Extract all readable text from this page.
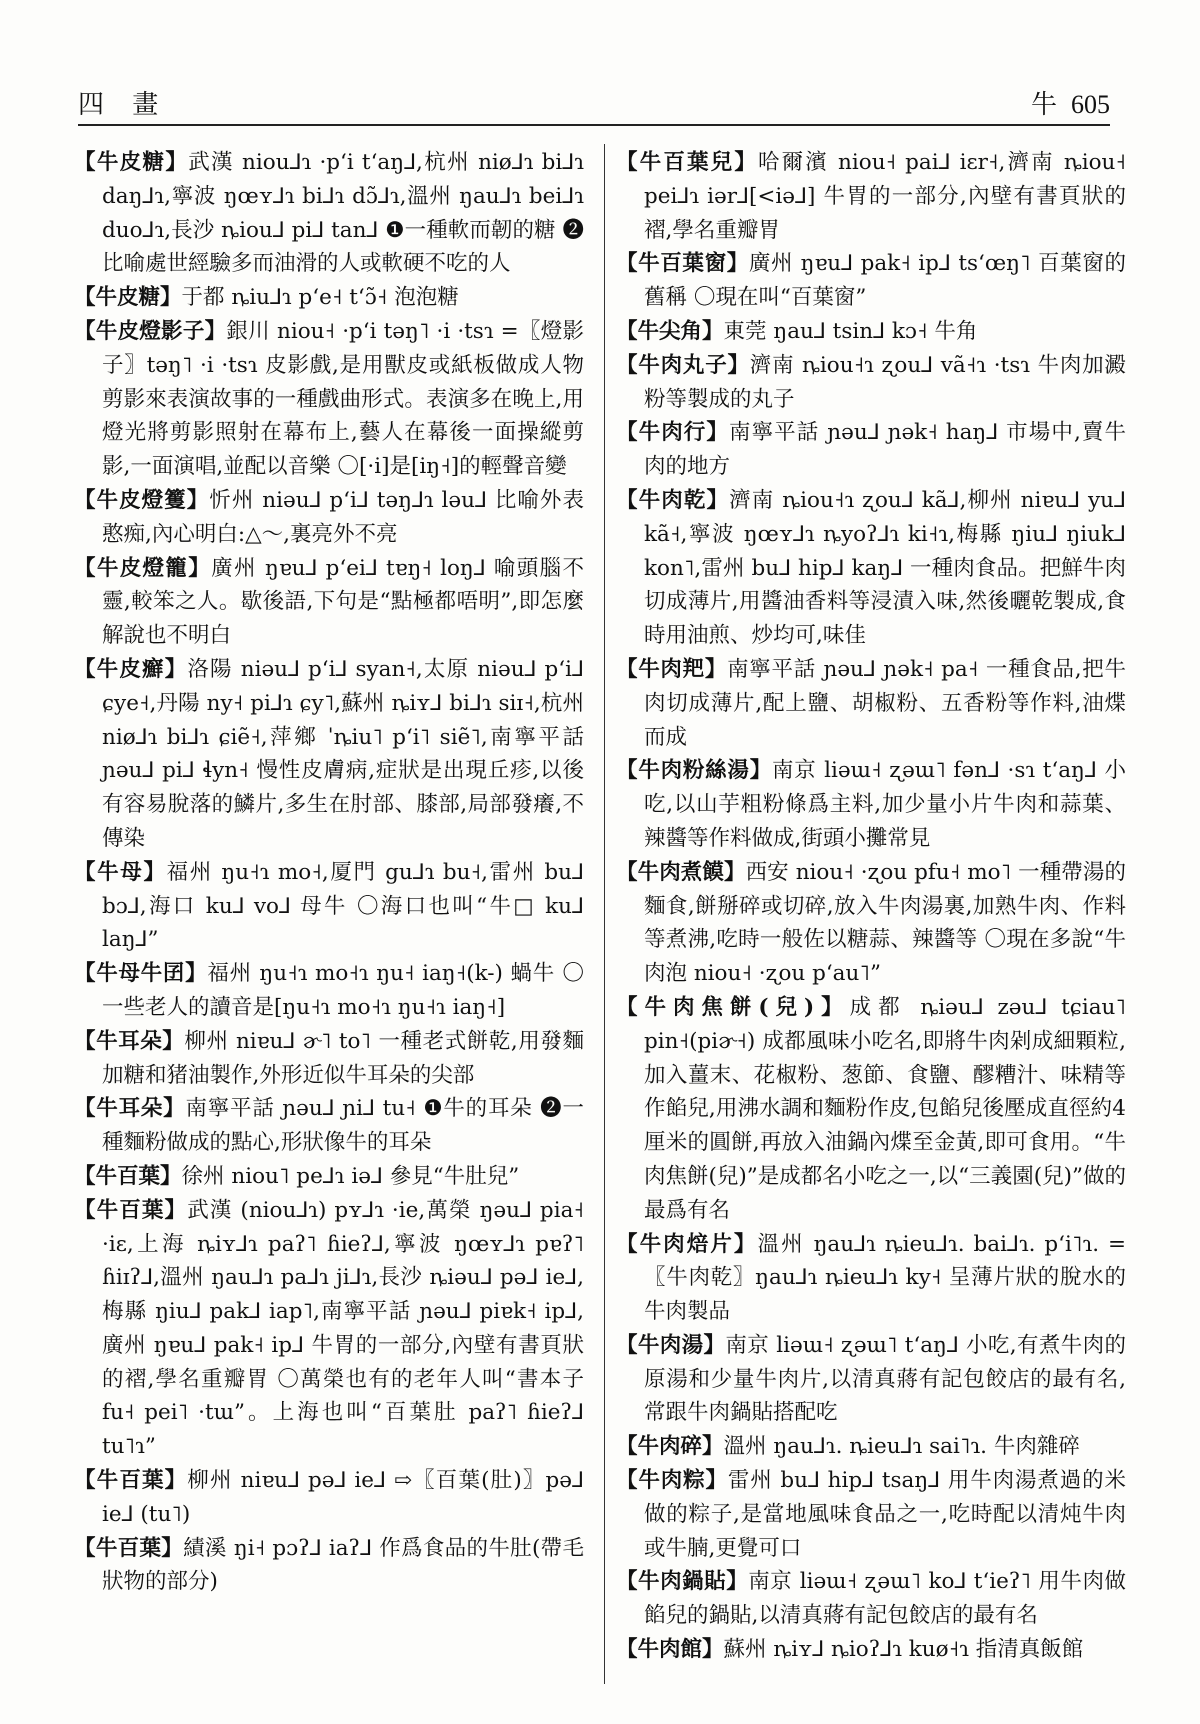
四 畫	牛 605
【牛皮糖】武漢 niou⅃ɿ ·pʻi tʻaŋ⅃,杭州 niø⅃ɿ bi⅃ɿ daŋ⅃ɿ,寧波 ŋœʏ⅃ɿ bi⅃ɿ dɔ̃⅃ɿ,溫州 ŋau⅃ɿ bei⅃ɿ duo⅃ɿ,長沙 ȵiou⅃ pi⅃ tan⅃ ❶一種軟而韌的糖 ❷比喻處世經驗多而油滑的人或軟硬不吃的人
【牛皮糖】于都 ȵiu⅃ɿ pʻe˧ tʻɔ̃˧ 泡泡糖
【牛皮燈影子】銀川 niou˧ ·pʻi təŋ˥ ·i ·tsɿ =〖燈影子〗təŋ˥ ·i ·tsɿ 皮影戲,是用獸皮或紙板做成人物剪影來表演故事的一種戲曲形式。表演多在晚上,用燈光將剪影照射在幕布上,藝人在幕後一面操縱剪影,一面演唱,並配以音樂 〇[·i]是[iŋ˧]的輕聲音變
【牛皮燈籆】忻州 niəu⅃ pʻi⅃ təŋ⅃ɿ ləu⅃ 比喻外表憨痴,內心明白:△～,裏亮外不亮
【牛皮燈籠】廣州 ŋɐu⅃ pʻei⅃ tɐŋ˧ loŋ⅃ 喻頭腦不靈,較笨之人。歇後語,下句是“點極都唔明”,即怎麼解說也不明白
【牛皮癬】洛陽 niəu⅃ pʻi⅃ syan˧,太原 niəu⅃ pʻi⅃ ɕye˧,丹陽 ny˧ pi⅃ɿ ɕy˥,蘇州 ȵiʏ⅃ bi⅃ɿ siɪ˧,杭州 niø⅃ɿ bi⅃ɿ ɕiẽ˧,萍鄉 ˈȵiu˥ pʻi˥ siẽ˥,南寧平話 ɲəu⅃ pi⅃ ɬyn˧ 慢性皮膚病,症狀是出現丘疹,以後有容易脫落的鱗片,多生在肘部、膝部,局部發癢,不傳染
【牛母】福州 ŋu˧ɿ mo˧,厦門 gu⅃ɿ bu˧,雷州 bu⅃ bɔ⅃,海口 ku⅃ vo⅃ 母牛 〇海口也叫“牛□ ku⅃ laŋ⅃”
【牛母牛囝】福州 ŋu˧ɿ mo˧ɿ ŋu˧ iaŋ˧(k-) 蝸牛 〇一些老人的讀音是[ŋu˧ɿ mo˧ɿ ŋu˧ɿ iaŋ˧]
【牛耳朵】柳州 niɐu⅃ ɚ˥ to˥ 一種老式餅乾,用發麵加糖和猪油製作,外形近似牛耳朵的尖部
【牛耳朵】南寧平話 ɲəu⅃ ɲi⅃ tu˧ ❶牛的耳朵 ❷一種麵粉做成的點心,形狀像牛的耳朵
【牛百葉】徐州 niou˥ pe⅃ɿ iə⅃ 參見“牛肚兒”
【牛百葉】武漢 (niou⅃ɿ) pʏ⅃ɿ ·ie,萬榮 ŋəu⅃ pia˧ ·iɛ,上海 ȵiʏ⅃ɿ paʔ˥ ɦieʔ⅃,寧波 ŋœʏ⅃ɿ pɐʔ˥ ɦiɪʔ⅃,溫州 ŋau⅃ɿ pa⅃ɿ ji⅃ɿ,長沙 ȵiəu⅃ pə⅃ ie⅃,梅縣 ŋiu⅃ pak⅃ iap˥,南寧平話 ɲəu⅃ piɐk˧ ip⅃,廣州 ŋɐu⅃ pak˧ ip⅃ 牛胃的一部分,內壁有書頁狀的褶,學名重瓣胃 〇萬榮也有的老年人叫“書本子 fu˧ pei˥ ·tɯ”。上海也叫“百葉肚 paʔ˥ ɦieʔ⅃ tu˥ɿ”
【牛百葉】柳州 niɐu⅃ pə⅃ ie⅃ ⇨〖百葉(肚)〗pə⅃ ie⅃ (tu˥)
【牛百葉】績溪 ŋi˧ pɔʔ⅃ iaʔ⅃ 作爲食品的牛肚(帶毛狀物的部分)
【牛百葉兒】哈爾濱 niou˧ pai⅃ iɛr˧,濟南 ȵiou˧ pei⅃ɿ iər⅃[<iə⅃] 牛胃的一部分,內壁有書頁狀的褶,學名重瓣胃
【牛百葉窗】廣州 ŋɐu⅃ pak˧ ip⅃ tsʻœŋ˥ 百葉窗的舊稱 〇現在叫“百葉窗”
【牛尖角】東莞 ŋau⅃ tsin⅃ kɔ˧ 牛角
【牛肉丸子】濟南 ȵiou˧ɿ ʐou⅃ vã˧ɿ ·tsɿ 牛肉加澱粉等製成的丸子
【牛肉行】南寧平話 ɲəu⅃ ɲək˧ haŋ⅃ 市場中,賣牛肉的地方
【牛肉乾】濟南 ȵiou˧ɿ ʐou⅃ kã⅃,柳州 niɐu⅃ yu⅃ kã˧,寧波 ŋœʏ⅃ɿ ȵyoʔ⅃ɿ ki˧ɿ,梅縣 ŋiu⅃ ŋiuk⅃ kon˥,雷州 bu⅃ hip⅃ kaŋ⅃ 一種肉食品。把鮮牛肉切成薄片,用醬油香料等浸漬入味,然後曬乾製成,食時用油煎、炒均可,味佳
【牛肉羓】南寧平話 ɲəu⅃ ɲək˧ pa˧ 一種食品,把牛肉切成薄片,配上鹽、胡椒粉、五香粉等作料,油煠而成
【牛肉粉絲湯】南京 liəɯ˧ ʐəɯ˥ fən⅃ ·sɿ tʻaŋ⅃ 小吃,以山芋粗粉條爲主料,加少量小片牛肉和蒜葉、辣醬等作料做成,街頭小攤常見
【牛肉煮饃】西安 niou˧ ·ʐou pfu˧ mo˥ 一種帶湯的麵食,餅掰碎或切碎,放入牛肉湯裏,加熟牛肉、作料等煮沸,吃時一般佐以糖蒜、辣醬等 〇現在多說“牛肉泡 niou˧ ·ʐou pʻau˥”
【牛肉焦餅(兒)】成都 ȵiəu⅃ zəu⅃ tɕiau˥ pin˧(piɚ˧) 成都風味小吃名,即將牛肉剁成細顆粒,加入薑末、花椒粉、葱節、食鹽、醪糟汁、味精等作餡兒,用沸水調和麵粉作皮,包餡兒後壓成直徑約4厘米的圓餅,再放入油鍋內煠至金黃,即可食用。“牛肉焦餅(兒)”是成都名小吃之一,以“三義園(兒)”做的最爲有名
【牛肉焙片】溫州 ŋau⅃ɿ ȵieu⅃ɿ. bai⅃ɿ. pʻi˥ɿ. =〖牛肉乾〗ŋau⅃ɿ ȵieu⅃ɿ ky˧ 呈薄片狀的脫水的牛肉製品
【牛肉湯】南京 liəɯ˧ ʐəɯ˥ tʻaŋ⅃ 小吃,有煮牛肉的原湯和少量牛肉片,以清真蔣有記包餃店的最有名,常跟牛肉鍋貼搭配吃
【牛肉碎】溫州 ŋau⅃ɿ. ȵieu⅃ɿ sai˥ɿ. 牛肉雜碎
【牛肉粽】雷州 bu⅃ hip⅃ tsaŋ⅃ 用牛肉湯煮過的米做的粽子,是當地風味食品之一,吃時配以清炖牛肉或牛腩,更覺可口
【牛肉鍋貼】南京 liəɯ˧ ʐəɯ˥ ko⅃ tʻieʔ˥ 用牛肉做餡兒的鍋貼,以清真蔣有記包餃店的最有名
【牛肉館】蘇州 ȵiʏ⅃ ȵioʔ⅃ɿ kuø˧ɿ 指清真飯館
